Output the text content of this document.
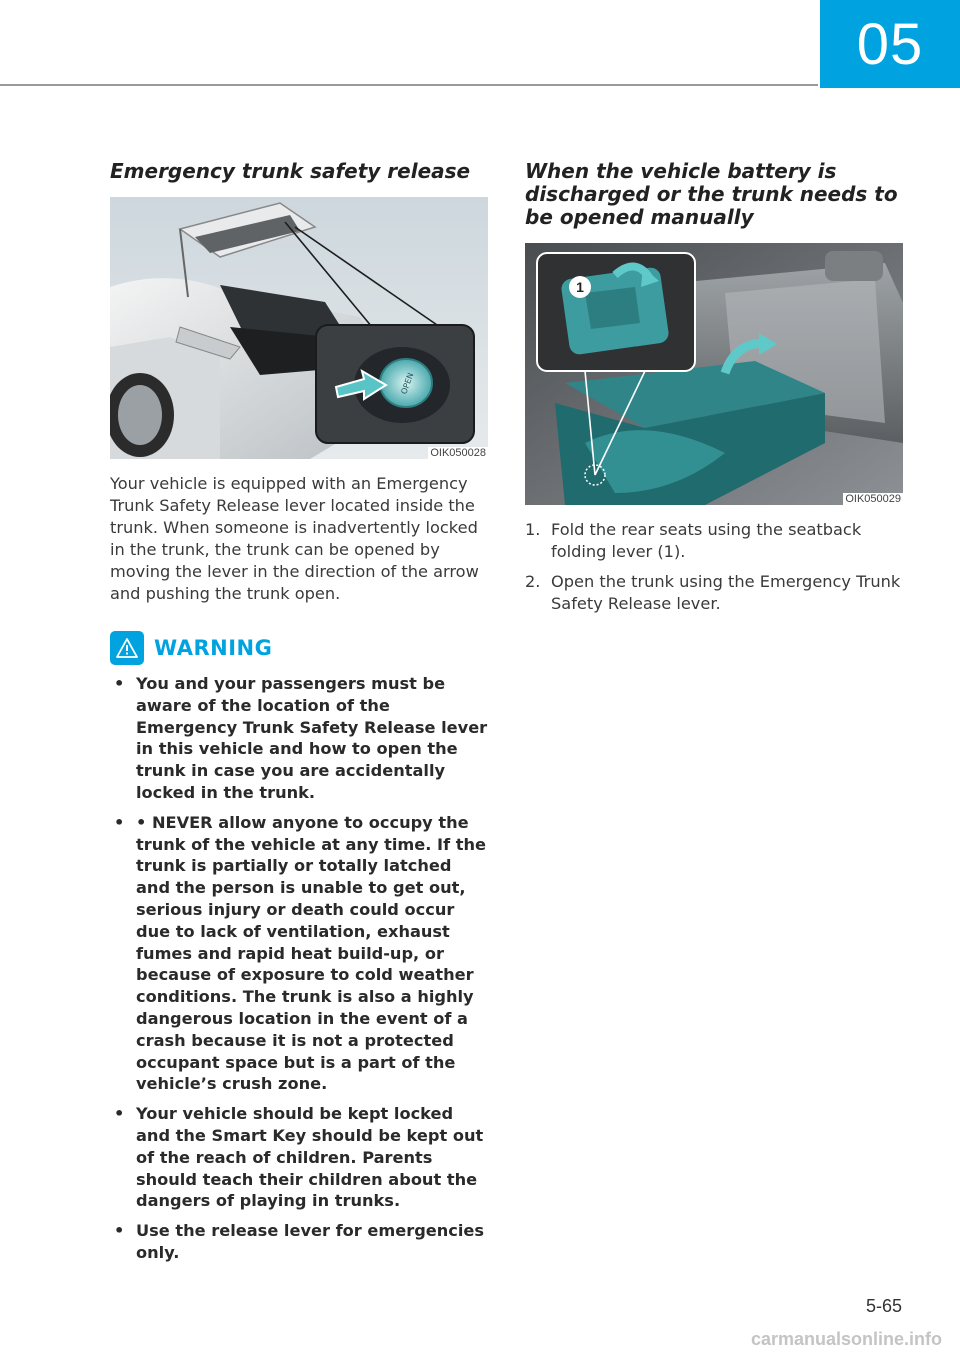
05
Emergency trunk safety release
OPEN
OIK050028

Your vehicle is equipped with an Emergency Trunk Safety Release lever located inside the trunk. When someone is inadvertently locked in the trunk, the trunk can be opened by moving the lever in the direction of the arrow and pushing the trunk open.

WARNING
• You and your passengers must be aware of the location of the Emergency Trunk Safety Release lever in this vehicle and how to open the trunk in case you are accidentally locked in the trunk.
• • NEVER allow anyone to occupy the trunk of the vehicle at any time. If the trunk is partially or totally latched and the person is unable to get out, serious injury or death could occur due to lack of ventilation, exhaust fumes and rapid heat build-up, or because of exposure to cold weather conditions. The trunk is also a highly dangerous location in the event of a crash because it is not a protected occupant space but is a part of the vehicle’s crush zone.
• Your vehicle should be kept locked and the Smart Key should be kept out of the reach of children. Parents should teach their children about the dangers of playing in trunks.
• Use the release lever for emergencies only.
When the vehicle battery is discharged or the trunk needs to be opened manually
1
OIK050029
1. Fold the rear seats using the seatback folding lever (1).
2. Open the trunk using the Emergency Trunk Safety Release lever.
5-65
carmanualsonline.info
